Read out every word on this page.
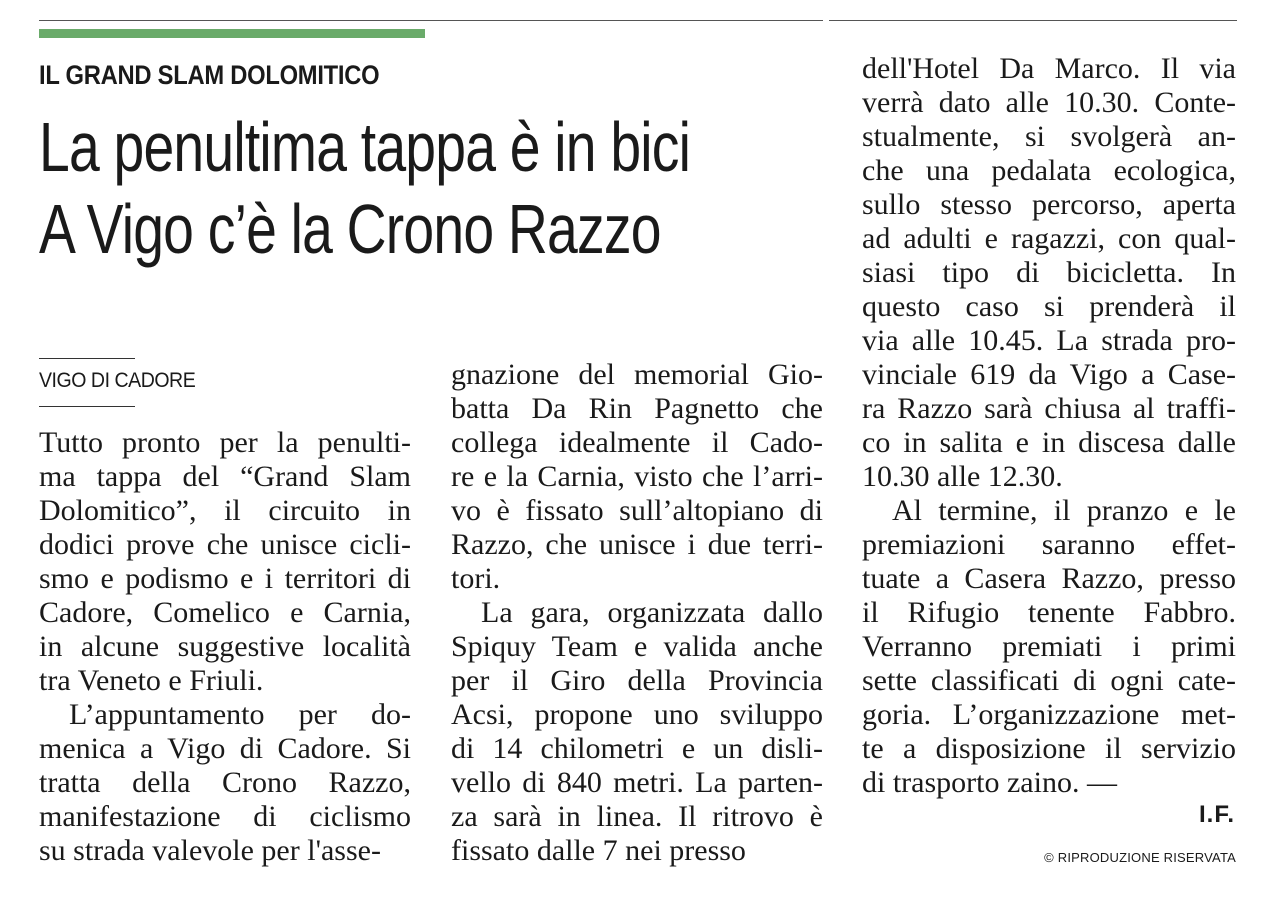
IL GRAND SLAM DOLOMITICO
La penultima tappa è in bici
A Vigo c’è la Crono Razzo
VIGO DI CADORE
Tutto pronto per la penulti-
ma tappa del “Grand Slam
Dolomitico”, il circuito in
dodici prove che unisce cicli-
smo e podismo e i territori di
Cadore, Comelico e Carnia,
in alcune suggestive località
tra Veneto e Friuli.
L’appuntamento per do-
menica a Vigo di Cadore. Si
tratta della Crono Razzo,
manifestazione di ciclismo
su strada valevole per l'asse-
gnazione del memorial Gio-
batta Da Rin Pagnetto che
collega idealmente il Cado-
re e la Carnia, visto che l’arri-
vo è fissato sull’altopiano di
Razzo, che unisce i due terri-
tori.
La gara, organizzata dallo
Spiquy Team e valida anche
per il Giro della Provincia
Acsi, propone uno sviluppo
di 14 chilometri e un disli-
vello di 840 metri. La parten-
za sarà in linea. Il ritrovo è
fissato dalle 7 nei presso
dell'Hotel Da Marco. Il via
verrà dato alle 10.30. Conte-
stualmente, si svolgerà an-
che una pedalata ecologica,
sullo stesso percorso, aperta
ad adulti e ragazzi, con qual-
siasi tipo di bicicletta. In
questo caso si prenderà il
via alle 10.45. La strada pro-
vinciale 619 da Vigo a Case-
ra Razzo sarà chiusa al traffi-
co in salita e in discesa dalle
10.30 alle 12.30.
Al termine, il pranzo e le
premiazioni saranno effet-
tuate a Casera Razzo, presso
il Rifugio tenente Fabbro.
Verranno premiati i primi
sette classificati di ogni cate-
goria. L’organizzazione met-
te a disposizione il servizio
di trasporto zaino. —
I.F.
© RIPRODUZIONE RISERVATA
